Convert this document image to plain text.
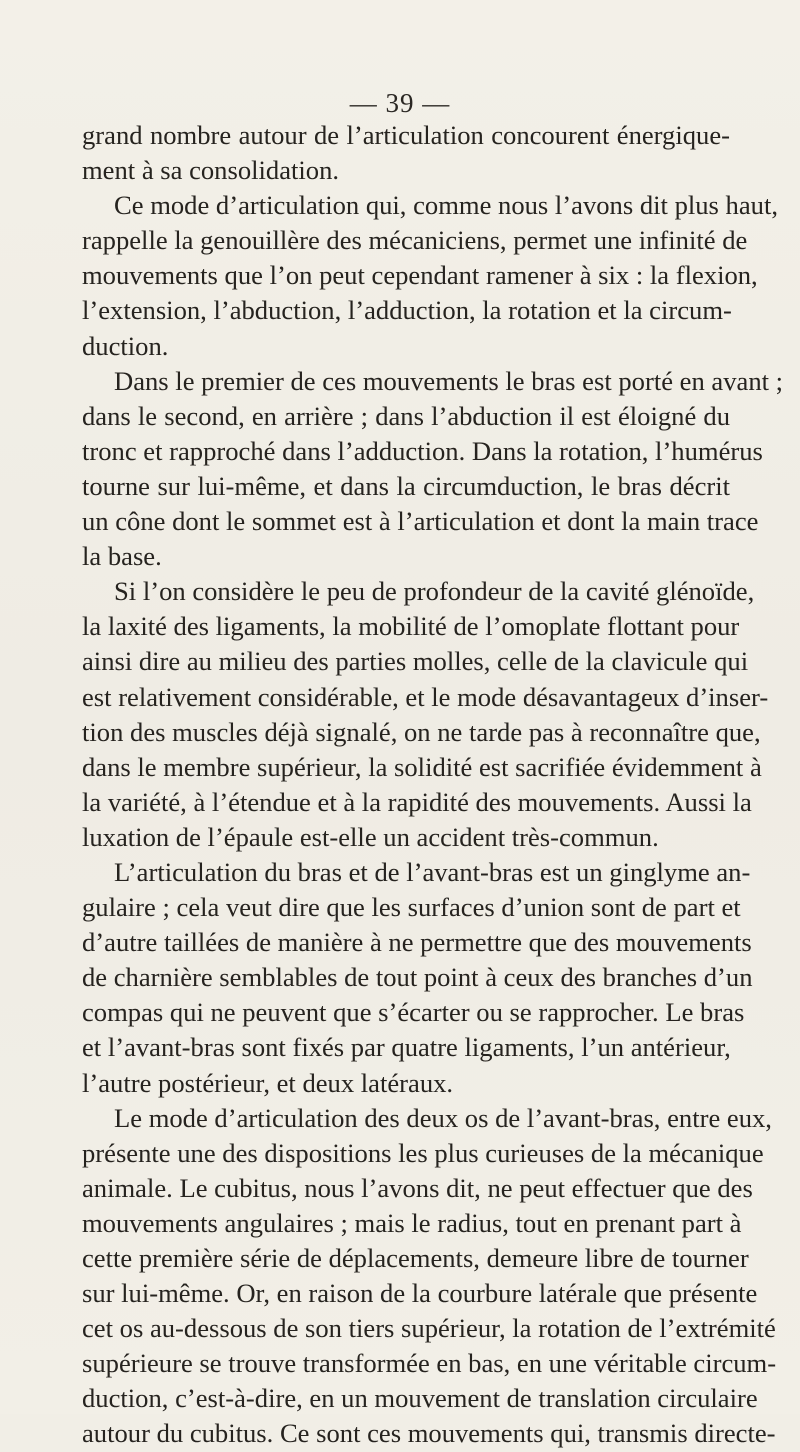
— 39 —
grand nombre autour de l’articulation concourent énergique-
ment à sa consolidation.
Ce mode d’articulation qui, comme nous l’avons dit plus haut,
rappelle la genouillère des mécaniciens, permet une infinité de
mouvements que l’on peut cependant ramener à six : la flexion,
l’extension, l’abduction, l’adduction, la rotation et la circum-
duction.
Dans le premier de ces mouvements le bras est porté en avant ;
dans le second, en arrière ; dans l’abduction il est éloigné du
tronc et rapproché dans l’adduction. Dans la rotation, l’humérus
tourne sur lui-même, et dans la circumduction, le bras décrit
un cône dont le sommet est à l’articulation et dont la main trace
la base.
Si l’on considère le peu de profondeur de la cavité glénoïde,
la laxité des ligaments, la mobilité de l’omoplate flottant pour
ainsi dire au milieu des parties molles, celle de la clavicule qui
est relativement considérable, et le mode désavantageux d’inser-
tion des muscles déjà signalé, on ne tarde pas à reconnaître que,
dans le membre supérieur, la solidité est sacrifiée évidemment à
la variété, à l’étendue et à la rapidité des mouvements. Aussi la
luxation de l’épaule est-elle un accident très-commun.
L’articulation du bras et de l’avant-bras est un ginglyme an-
gulaire ; cela veut dire que les surfaces d’union sont de part et
d’autre taillées de manière à ne permettre que des mouvements
de charnière semblables de tout point à ceux des branches d’un
compas qui ne peuvent que s’écarter ou se rapprocher. Le bras
et l’avant-bras sont fixés par quatre ligaments, l’un antérieur,
l’autre postérieur, et deux latéraux.
Le mode d’articulation des deux os de l’avant-bras, entre eux,
présente une des dispositions les plus curieuses de la mécanique
animale. Le cubitus, nous l’avons dit, ne peut effectuer que des
mouvements angulaires ; mais le radius, tout en prenant part à
cette première série de déplacements, demeure libre de tourner
sur lui-même. Or, en raison de la courbure latérale que présente
cet os au-dessous de son tiers supérieur, la rotation de l’extrémité
supérieure se trouve transformée en bas, en une véritable circum-
duction, c’est-à-dire, en un mouvement de translation circulaire
autour du cubitus. Ce sont ces mouvements qui, transmis directe-
